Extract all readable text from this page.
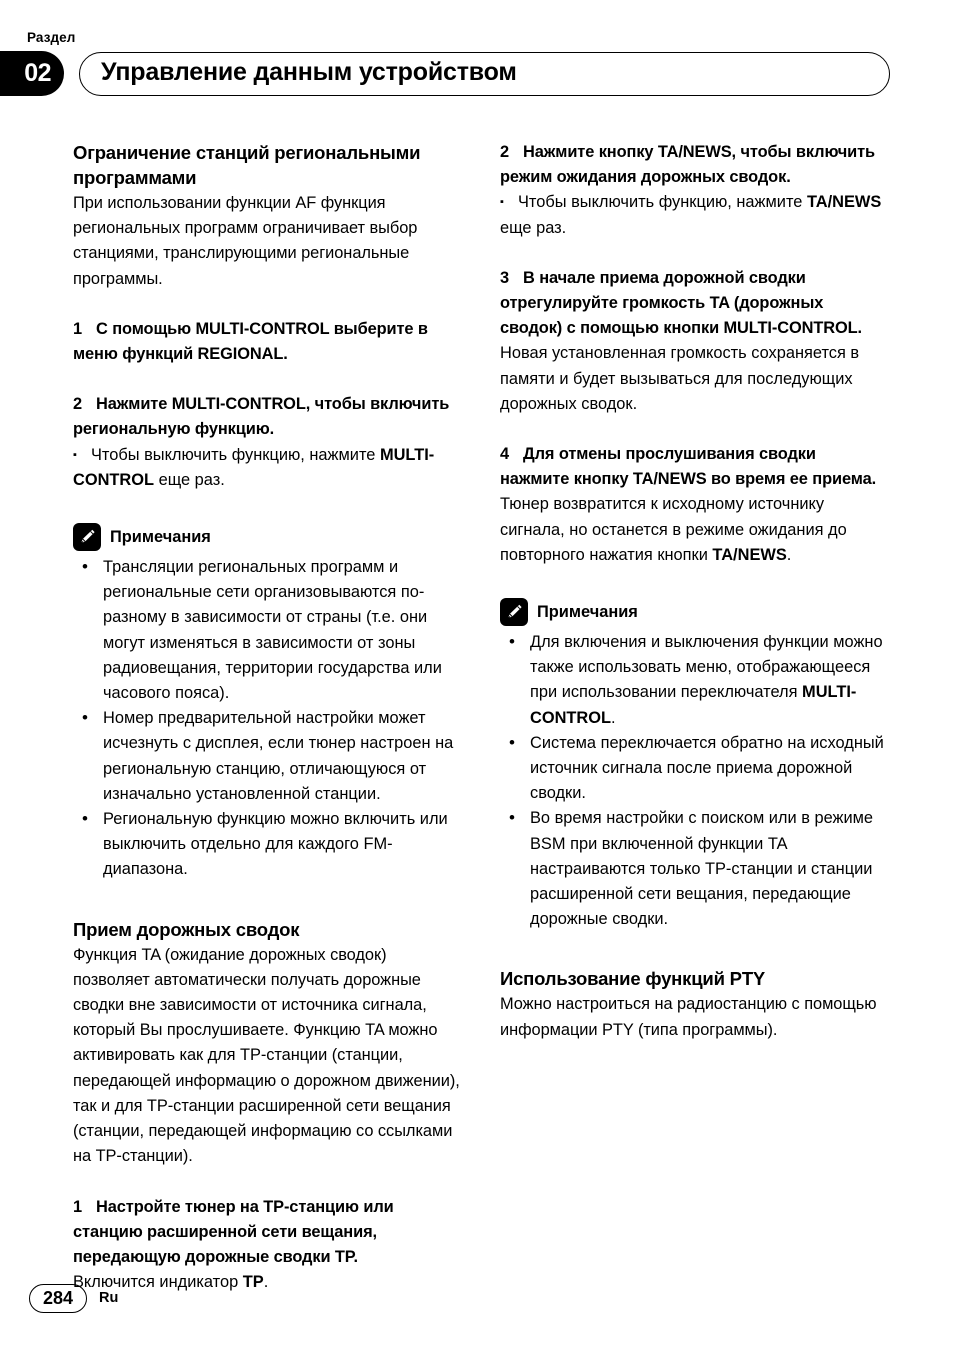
Раздел
02	Управление данным устройством
Ограничение станций региональными программами

При использовании функции AF функция региональных программ ограничивает выбор станциями, транслирующими региональные программы.

1 С помощью MULTI-CONTROL выберите в меню функций REGIONAL.

2 Нажмите MULTI-CONTROL, чтобы включить региональную функцию.

▪ Чтобы выключить функцию, нажмите MULTI-CONTROL еще раз.

Примечания
• Трансляции региональных программ и региональные сети организовываются по-разному в зависимости от страны (т.е. они могут изменяться в зависимости от зоны радиовещания, территории государства или часового пояса).
• Номер предварительной настройки может исчезнуть с дисплея, если тюнер настроен на региональную станцию, отличающуюся от изначально установленной станции.
• Региональную функцию можно включить или выключить отдельно для каждого FM-диапазона.
Прием дорожных сводок

Функция TA (ожидание дорожных сводок) позволяет автоматически получать дорожные сводки вне зависимости от источника сигнала, который Вы прослушиваете. Функцию TA можно активировать как для TP-станции (станции, передающей информацию о дорожном движении), так и для TP-станции расширенной сети вещания (станции, передающей информацию со ссылками на TP-станции).

1 Настройте тюнер на TP-станцию или станцию расширенной сети вещания, передающую дорожные сводки TP.

Включится индикатор TP.

2 Нажмите кнопку TA/NEWS, чтобы включить режим ожидания дорожных сводок.

▪ Чтобы выключить функцию, нажмите TA/NEWS еще раз.

3 В начале приема дорожной сводки отрегулируйте громкость TA (дорожных сводок) с помощью кнопки MULTI-CONTROL.

Новая установленная громкость сохраняется в памяти и будет вызываться для последующих дорожных сводок.

4 Для отмены прослушивания сводки нажмите кнопку TA/NEWS во время ее приема.

Тюнер возвратится к исходному источнику сигнала, но останется в режиме ожидания до повторного нажатия кнопки TA/NEWS.

Примечания
• Для включения и выключения функции можно также использовать меню, отображающееся при использовании переключателя MULTI-CONTROL.
• Система переключается обратно на исходный источник сигнала после приема дорожной сводки.
• Во время настройки с поиском или в режиме BSM при включенной функции TA настраиваются только TP-станции и станции расширенной сети вещания, передающие дорожные сводки.
Использование функций PTY

Можно настроиться на радиостанцию с помощью информации PTY (типа программы).

284	Ru
